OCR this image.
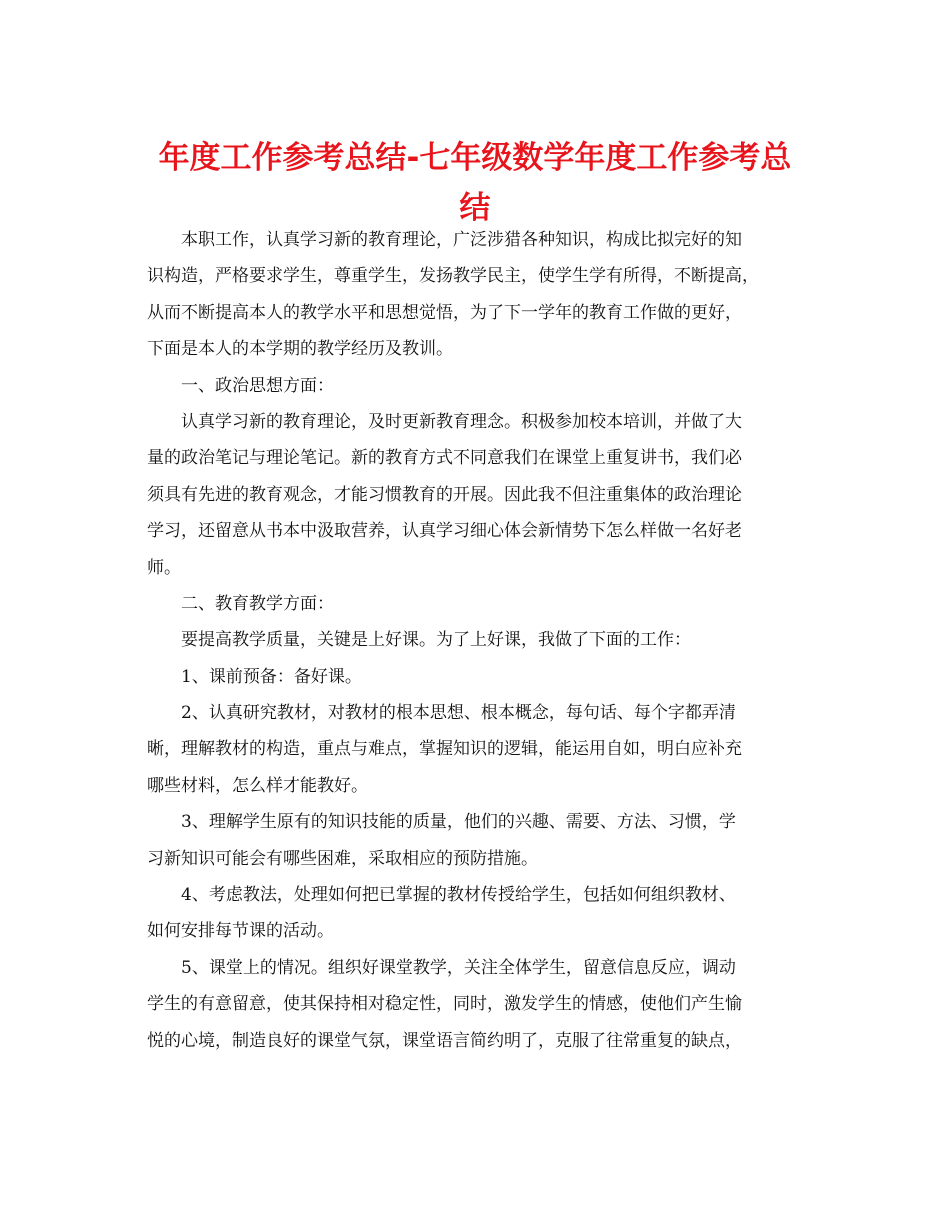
年度工作参考总结-七年级数学年度工作参考总
结
本职工作，认真学习新的教育理论，广泛涉猎各种知识，构成比拟完好的知
识构造，严格要求学生，尊重学生，发扬教学民主，使学生学有所得，不断提高，
从而不断提高本人的教学水平和思想觉悟，为了下一学年的教育工作做的更好，
下面是本人的本学期的教学经历及教训。
一、政治思想方面：
认真学习新的教育理论，及时更新教育理念。积极参加校本培训，并做了大
量的政治笔记与理论笔记。新的教育方式不同意我们在课堂上重复讲书，我们必
须具有先进的教育观念，才能习惯教育的开展。因此我不但注重集体的政治理论
学习，还留意从书本中汲取营养，认真学习细心体会新情势下怎么样做一名好老
师。
二、教育教学方面：
要提高教学质量，关键是上好课。为了上好课，我做了下面的工作：
1、课前预备：备好课。
2、认真研究教材，对教材的根本思想、根本概念，每句话、每个字都弄清
晰，理解教材的构造，重点与难点，掌握知识的逻辑，能运用自如，明白应补充
哪些材料，怎么样才能教好。
3、理解学生原有的知识技能的质量，他们的兴趣、需要、方法、习惯，学
习新知识可能会有哪些困难，采取相应的预防措施。
4、考虑教法，处理如何把已掌握的教材传授给学生，包括如何组织教材、
如何安排每节课的活动。
5、课堂上的情况。组织好课堂教学，关注全体学生，留意信息反应，调动
学生的有意留意，使其保持相对稳定性，同时，激发学生的情感，使他们产生愉
悦的心境，制造良好的课堂气氛，课堂语言简约明了，克服了往常重复的缺点，
